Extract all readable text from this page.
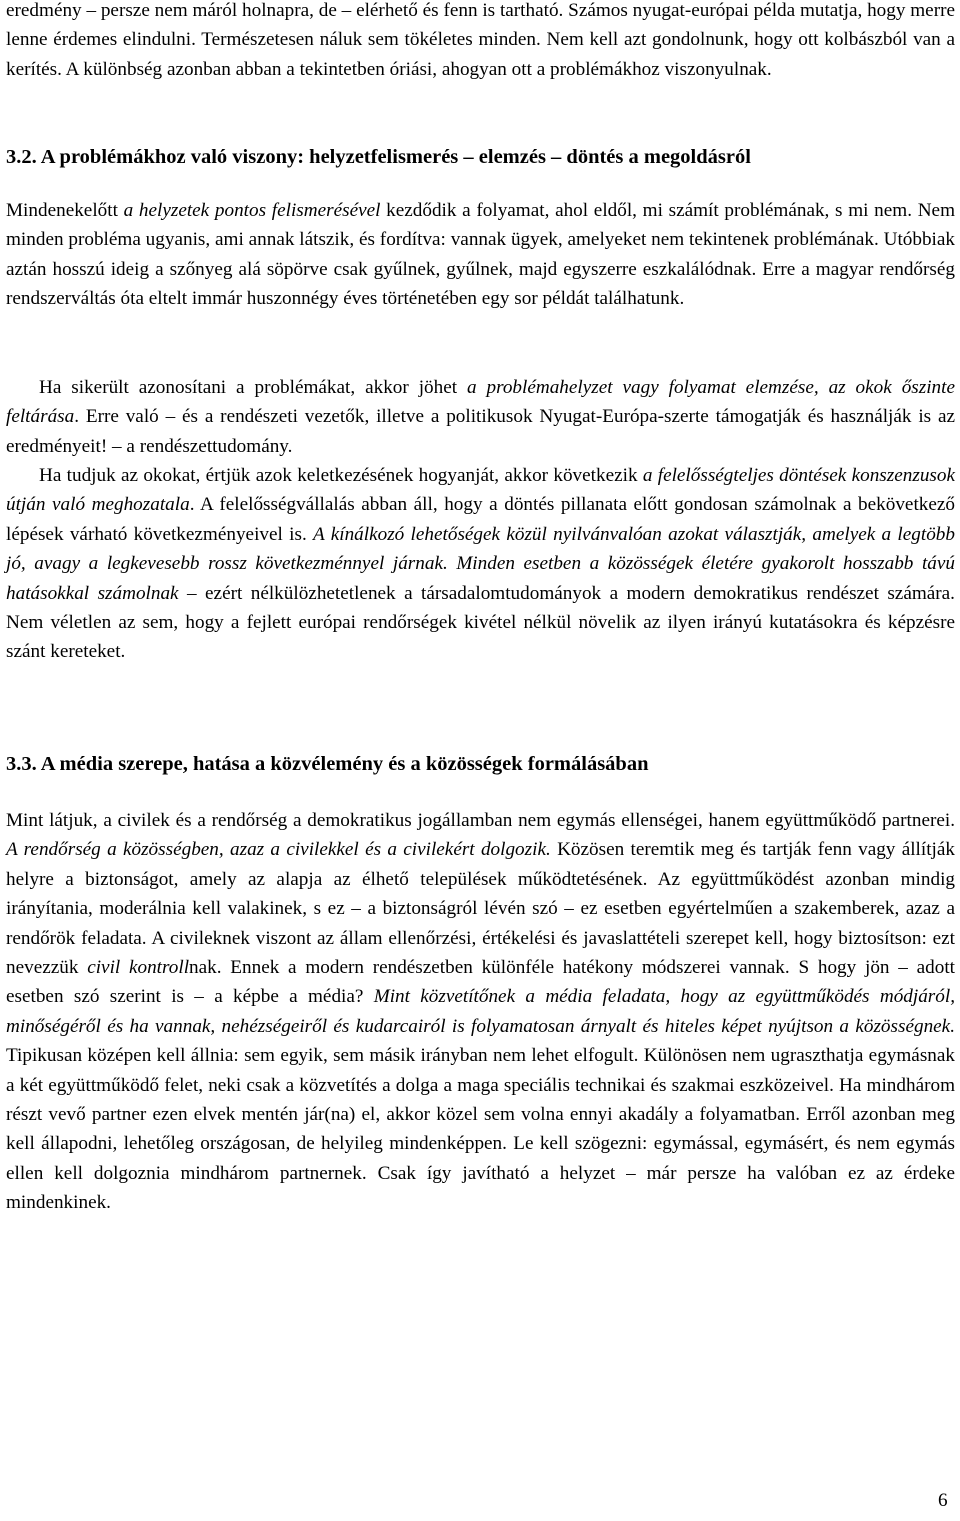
eredmény – persze nem máról holnapra, de – elérhető és fenn is tartható. Számos nyugat-európai példa mutatja, hogy merre lenne érdemes elindulni. Természetesen náluk sem tökéletes minden. Nem kell azt gondolnunk, hogy ott kolbászból van a kerítés. A különbség azonban abban a tekintetben óriási, ahogyan ott a problémákhoz viszonyulnak.

3.2. A problémákhoz való viszony: helyzetfelismerés – elemzés – döntés a megoldásról

Mindenekelőtt a helyzetek pontos felismerésével kezdődik a folyamat, ahol eldől, mi számít problémának, s mi nem. Nem minden probléma ugyanis, ami annak látszik, és fordítva: vannak ügyek, amelyeket nem tekintenek problémának. Utóbbiak aztán hosszú ideig a szőnyeg alá söpörve csak gyűlnek, gyűlnek, majd egyszerre eszkalálódnak. Erre a magyar rendőrség rendszerváltás óta eltelt immár huszonnégy éves történetében egy sor példát találhatunk.

Ha sikerült azonosítani a problémákat, akkor jöhet a problémahelyzet vagy folyamat elemzése, az okok őszinte feltárása. Erre való – és a rendészeti vezetők, illetve a politikusok Nyugat-Európa-szerte támogatják és használják is az eredményeit! – a rendészettudomány.

Ha tudjuk az okokat, értjük azok keletkezésének hogyanját, akkor következik a felelősségteljes döntések konszenzusok útján való meghozatala. A felelősségvállalás abban áll, hogy a döntés pillanata előtt gondosan számolnak a bekövetkező lépések várható következményeivel is. A kínálkozó lehetőségek közül nyilvánvalóan azokat választják, amelyek a legtöbb jó, avagy a legkevesebb rossz következménnyel járnak. Minden esetben a közösségek életére gyakorolt hosszabb távú hatásokkal számolnak – ezért nélkülözhetetlenek a társadalomtudományok a modern demokratikus rendészet számára. Nem véletlen az sem, hogy a fejlett európai rendőrségek kivétel nélkül növelik az ilyen irányú kutatásokra és képzésre szánt kereteket.

3.3. A média szerepe, hatása a közvélemény és a közösségek formálásában

Mint látjuk, a civilek és a rendőrség a demokratikus jogállamban nem egymás ellenségei, hanem együttműködő partnerei. A rendőrség a közösségben, azaz a civilekkel és a civilekért dolgozik. Közösen teremtik meg és tartják fenn vagy állítják helyre a biztonságot, amely az alapja az élhető települések működtetésének. Az együttműködést azonban mindig irányítania, moderálnia kell valakinek, s ez – a biztonságról lévén szó – ez esetben egyértelműen a szakemberek, azaz a rendőrök feladata. A civileknek viszont az állam ellenőrzési, értékelési és javaslattételi szerepet kell, hogy biztosítson: ezt nevezzük civil kontrollnak. Ennek a modern rendészetben különféle hatékony módszerei vannak. S hogy jön – adott esetben szó szerint is – a képbe a média? Mint közvetítőnek a média feladata, hogy az együttműködés módjáról, minőségéről és ha vannak, nehézségeiről és kudarcairól is folyamatosan árnyalt és hiteles képet nyújtson a közösségnek. Tipikusan középen kell állnia: sem egyik, sem másik irányban nem lehet elfogult. Különösen nem ugraszthatja egymásnak a két együttműködő felet, neki csak a közvetítés a dolga a maga speciális technikai és szakmai eszközeivel. Ha mindhárom részt vevő partner ezen elvek mentén jár(na) el, akkor közel sem volna ennyi akadály a folyamatban. Erről azonban meg kell állapodni, lehetőleg országosan, de helyileg mindenképpen. Le kell szögezni: egymással, egymásért, és nem egymás ellen kell dolgoznia mindhárom partnernek. Csak így javítható a helyzet – már persze ha valóban ez az érdeke mindenkinek.

6
